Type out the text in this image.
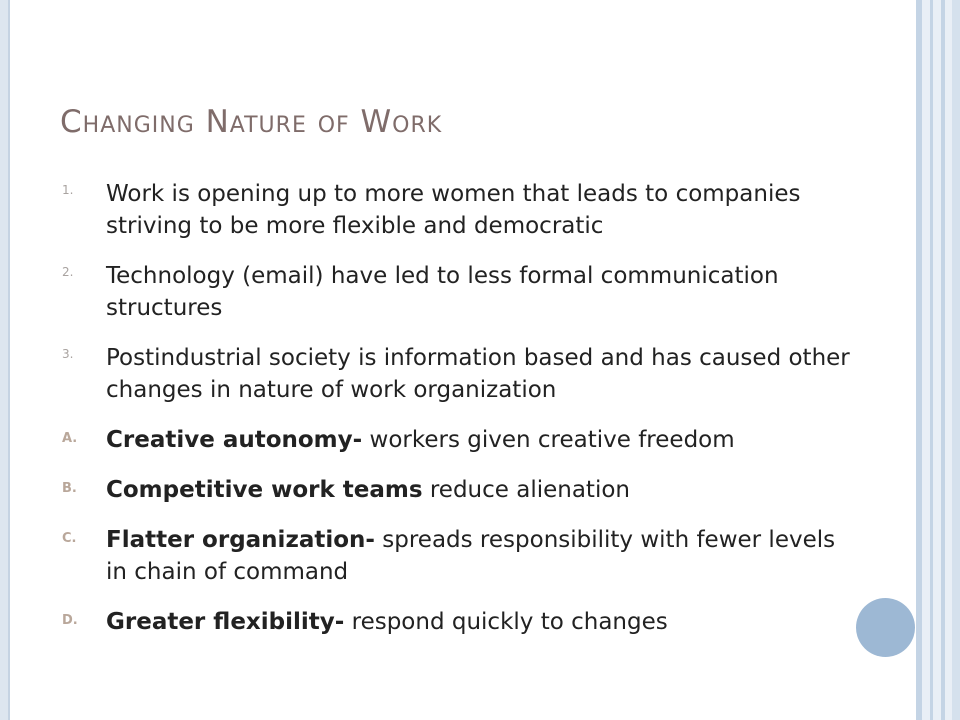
Changing Nature of Work
1.	Work is opening up to more women that leads to companies striving to be more flexible and democratic
2.	Technology (email) have led to less formal communication structures
3.	Postindustrial society is information based and has caused other changes in nature of work organization
A.	Creative autonomy- workers given creative freedom
B.	Competitive work teams reduce alienation
C.	Flatter organization- spreads responsibility with fewer levels in chain of command
D.	Greater flexibility- respond quickly to changes
